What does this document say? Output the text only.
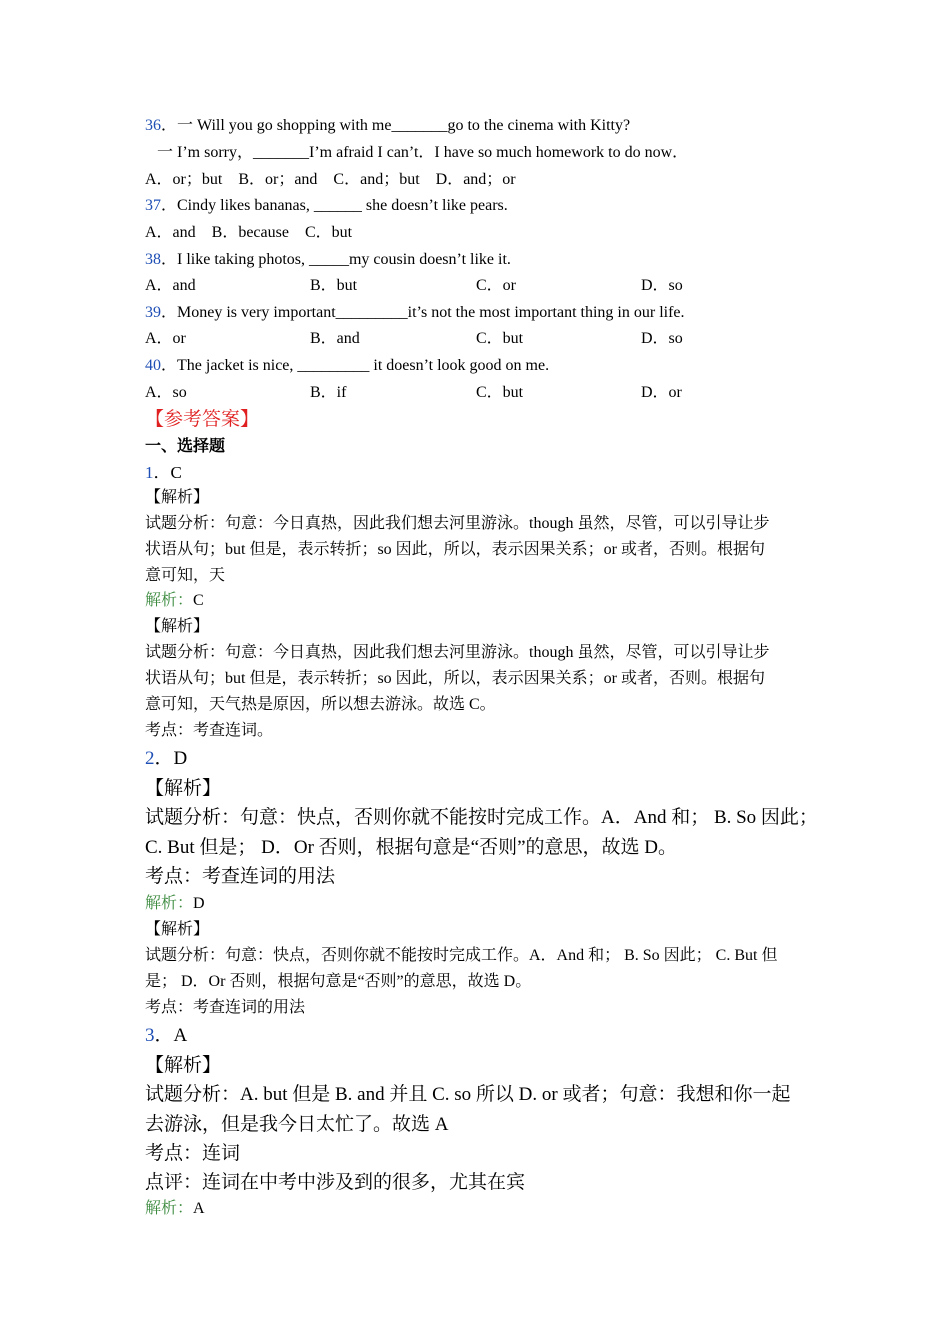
36．一 Will you go shopping with me_______go to the cinema with Kitty?
一 I’m sorry，_______I’m afraid I can’t．I have so much homework to do now．
A．or；but　B．or；and　C．and；but　D．and；or
37．Cindy likes bananas, ______ she doesn’t like pears.
A．and　B．because　C．but
38．I like taking photos, _____my cousin doesn’t like it.
A．and	B．but	C．or	D．so
39．Money is very important_________it’s not the most important thing in our life.
A．or	B．and	C．but	D．so
40．The jacket is nice, _________ it doesn’t look good on me.
A．so	B．if	C．but	D．or
【参考答案】
一、选择题
1．C
【解析】
试题分析：句意：今日真热，因此我们想去河里游泳。though 虽然，尽管，可以引导让步
状语从句；but 但是，表示转折；so 因此，所以，表示因果关系；or 或者，否则。根据句
意可知，天
解析：C
【解析】
试题分析：句意：今日真热，因此我们想去河里游泳。though 虽然，尽管，可以引导让步
状语从句；but 但是，表示转折；so 因此，所以，表示因果关系；or 或者，否则。根据句
意可知，天气热是原因，所以想去游泳。故选 C。
考点：考查连词。
2．D
【解析】
试题分析：句意：快点，否则你就不能按时完成工作。A．And 和； B. So 因此；
C. But 但是； D．Or 否则，根据句意是“否则”的意思，故选 D。
考点：考查连词的用法
解析：D
【解析】
试题分析：句意：快点，否则你就不能按时完成工作。A．And 和； B. So 因此； C. But 但
是； D．Or 否则，根据句意是“否则”的意思，故选 D。
考点：考查连词的用法
3．A
【解析】
试题分析：A. but 但是 B. and 并且 C. so 所以 D. or 或者；句意：我想和你一起
去游泳，但是我今日太忙了。故选 A
考点：连词
点评：连词在中考中涉及到的很多，尤其在宾
解析：A
